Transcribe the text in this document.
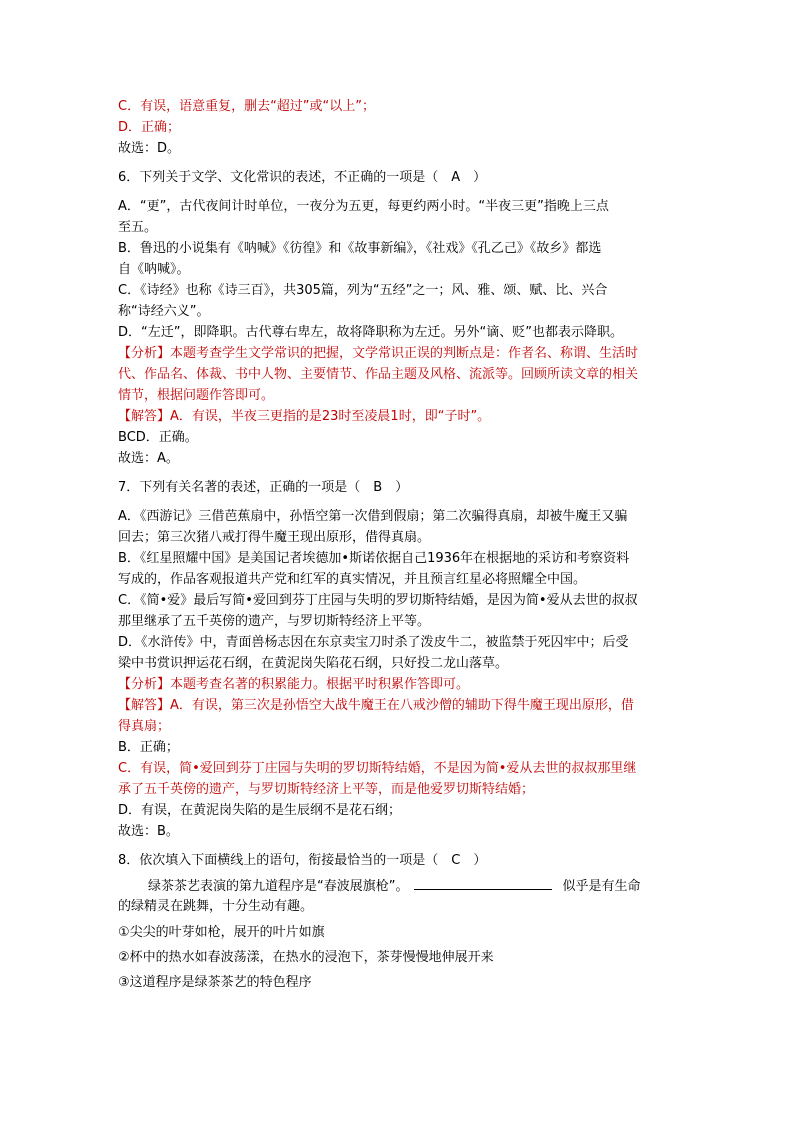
C．有误，语意重复，删去“超过”或“以上”；
D．正确；
故选：D。
6．下列关于文学、文化常识的表述，不正确的一项是（　A　）
A．“更”，古代夜间计时单位，一夜分为五更，每更约两小时。“半夜三更”指晚上三点
至五。
B．鲁迅的小说集有《呐喊》《彷徨》和《故事新编》，《社戏》《孔乙己》《故乡》都选
自《呐喊》。
C．《诗经》也称《诗三百》，共305篇，列为“五经”之一；风、雅、颂、赋、比、兴合
称“诗经六义”。
D．“左迁”，即降职。古代尊右卑左，故将降职称为左迁。另外“谪、贬”也都表示降职。
【分析】本题考查学生文学常识的把握，文学常识正误的判断点是：作者名、称谓、生活时
代、作品名、体裁、书中人物、主要情节、作品主题及风格、流派等。回顾所读文章的相关
情节，根据问题作答即可。
【解答】A．有误，半夜三更指的是23时至凌晨1时，即“子时”。
BCD．正确。
故选：A。
7．下列有关名著的表述，正确的一项是（　B　）
A．《西游记》三借芭蕉扇中，孙悟空第一次借到假扇；第二次骗得真扇，却被牛魔王又骗
回去；第三次猪八戒打得牛魔王现出原形，借得真扇。
B．《红星照耀中国》是美国记者埃德加•斯诺依据自己1936年在根据地的采访和考察资料
写成的，作品客观报道共产党和红军的真实情况，并且预言红星必将照耀全中国。
C．《简•爱》最后写简•爱回到芬丁庄园与失明的罗切斯特结婚，是因为简•爱从去世的叔叔
那里继承了五千英傍的遗产，与罗切斯特经济上平等。
D．《水浒传》中，青面兽杨志因在东京卖宝刀时杀了泼皮牛二，被监禁于死囚牢中；后受
梁中书赏识押运花石纲，在黄泥岗失陷花石纲，只好投二龙山落草。
【分析】本题考查名著的积累能力。根据平时积累作答即可。
【解答】A．有误，第三次是孙悟空大战牛魔王在八戒沙僧的辅助下得牛魔王现出原形，借
得真扇；
B．正确；
C．有误，简•爱回到芬丁庄园与失明的罗切斯特结婚，不是因为简•爱从去世的叔叔那里继
承了五千英傍的遗产，与罗切斯特经济上平等，而是他爱罗切斯特结婚；
D．有误，在黄泥岗失陷的是生辰纲不是花石纲；
故选：B。
8．依次填入下面横线上的语句，衔接最恰当的一项是（　C　）
绿茶茶艺表演的第九道程序是“春波展旗枪”。	似乎是有生命
的绿精灵在跳舞，十分生动有趣。
①尖尖的叶芽如枪，展开的叶片如旗
②杯中的热水如春波荡漾，在热水的浸泡下，茶芽慢慢地伸展开来
③这道程序是绿茶茶艺的特色程序
